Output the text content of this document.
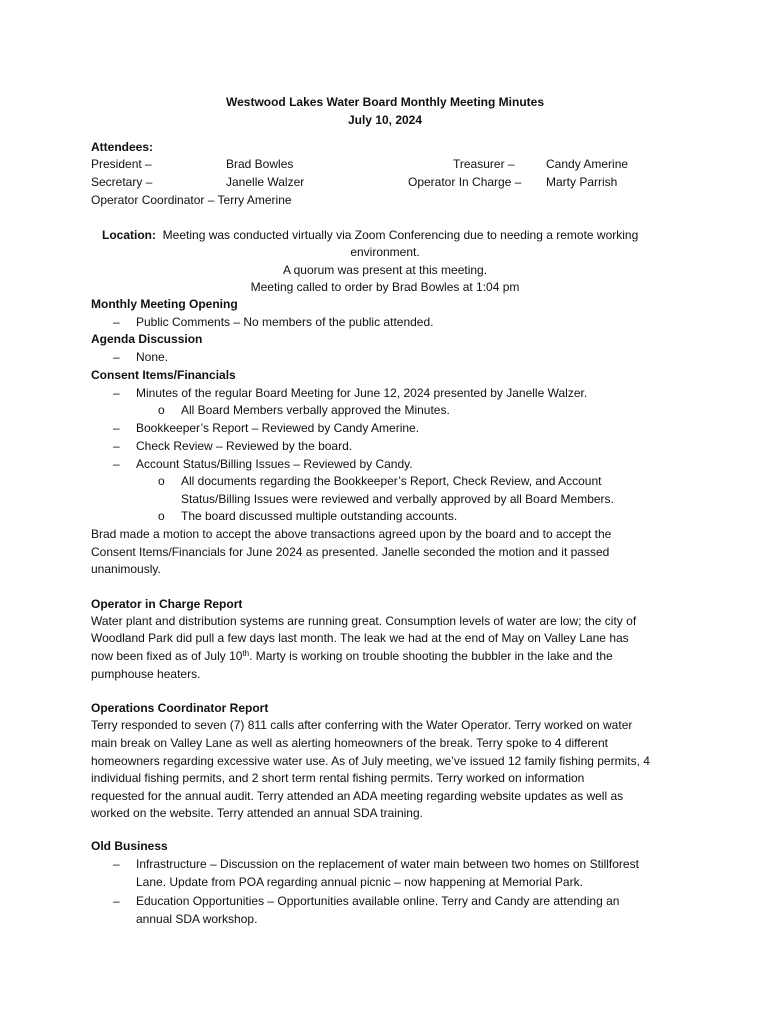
Westwood Lakes Water Board Monthly Meeting Minutes
July 10, 2024
Attendees:
President –	Brad Bowles	Treasurer –	Candy Amerine
Secretary –	Janelle Walzer	Operator In Charge – Marty Parrish
Operator Coordinator – Terry Amerine
Location: Meeting was conducted virtually via Zoom Conferencing due to needing a remote working
environment.
A quorum was present at this meeting.
Meeting called to order by Brad Bowles at 1:04 pm
Monthly Meeting Opening
– Public Comments – No members of the public attended.
Agenda Discussion
– None.
Consent Items/Financials
– Minutes of the regular Board Meeting for June 12, 2024 presented by Janelle Walzer.
o All Board Members verbally approved the Minutes.
– Bookkeeper’s Report – Reviewed by Candy Amerine.
– Check Review – Reviewed by the board.
– Account Status/Billing Issues – Reviewed by Candy.
o All documents regarding the Bookkeeper’s Report, Check Review, and Account
Status/Billing Issues were reviewed and verbally approved by all Board Members.
o The board discussed multiple outstanding accounts.
Brad made a motion to accept the above transactions agreed upon by the board and to accept the
Consent Items/Financials for June 2024 as presented. Janelle seconded the motion and it passed
unanimously.
Operator in Charge Report
Water plant and distribution systems are running great. Consumption levels of water are low; the city of
Woodland Park did pull a few days last month. The leak we had at the end of May on Valley Lane has
now been fixed as of July 10th. Marty is working on trouble shooting the bubbler in the lake and the
pumphouse heaters.
Operations Coordinator Report
Terry responded to seven (7) 811 calls after conferring with the Water Operator. Terry worked on water
main break on Valley Lane as well as alerting homeowners of the break. Terry spoke to 4 different
homeowners regarding excessive water use. As of July meeting, we’ve issued 12 family fishing permits, 4
individual fishing permits, and 2 short term rental fishing permits. Terry worked on information
requested for the annual audit. Terry attended an ADA meeting regarding website updates as well as
worked on the website. Terry attended an annual SDA training.
Old Business
– Infrastructure – Discussion on the replacement of water main between two homes on Stillforest
Lane. Update from POA regarding annual picnic – now happening at Memorial Park.
– Education Opportunities – Opportunities available online. Terry and Candy are attending an
annual SDA workshop.
